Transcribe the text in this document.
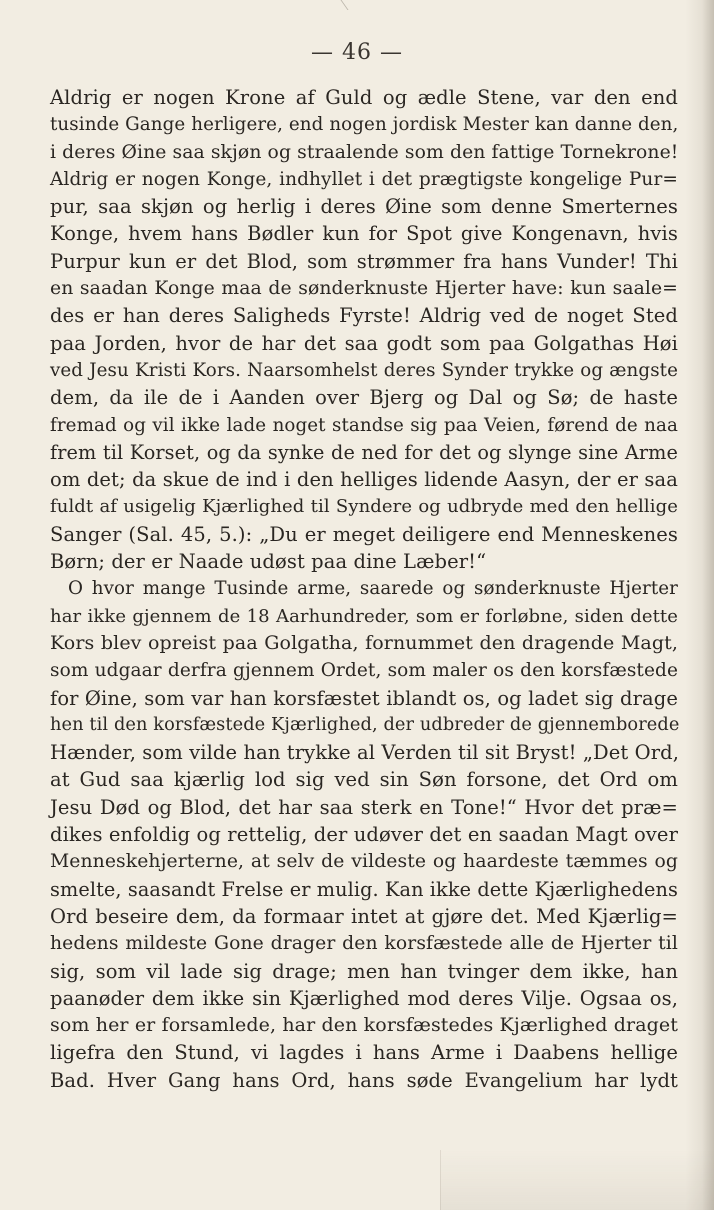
— 46 —
Aldrig er nogen Krone af Guld og ædle Stene, var den end
tusinde Gange herligere, end nogen jordisk Mester kan danne den,
i deres Øine saa skjøn og straalende som den fattige Tornekrone!
Aldrig er nogen Konge, indhyllet i det prægtigste kongelige Pur=
pur, saa skjøn og herlig i deres Øine som denne Smerternes
Konge, hvem hans Bødler kun for Spot give Kongenavn, hvis
Purpur kun er det Blod, som strømmer fra hans Vunder! Thi
en saadan Konge maa de sønderknuste Hjerter have: kun saale=
des er han deres Saligheds Fyrste! Aldrig ved de noget Sted
paa Jorden, hvor de har det saa godt som paa Golgathas Høi
ved Jesu Kristi Kors. Naarsomhelst deres Synder trykke og ængste
dem, da ile de i Aanden over Bjerg og Dal og Sø; de haste
fremad og vil ikke lade noget standse sig paa Veien, førend de naa
frem til Korset, og da synke de ned for det og slynge sine Arme
om det; da skue de ind i den helliges lidende Aasyn, der er saa
fuldt af usigelig Kjærlighed til Syndere og udbryde med den hellige
Sanger (Sal. 45, 5.): „Du er meget deiligere end Menneskenes
Børn; der er Naade udøst paa dine Læber!“
O hvor mange Tusinde arme, saarede og sønderknuste Hjerter
har ikke gjennem de 18 Aarhundreder, som er forløbne, siden dette
Kors blev opreist paa Golgatha, fornummet den dragende Magt,
som udgaar derfra gjennem Ordet, som maler os den korsfæstede
for Øine, som var han korsfæstet iblandt os, og ladet sig drage
hen til den korsfæstede Kjærlighed, der udbreder de gjennemborede
Hænder, som vilde han trykke al Verden til sit Bryst! „Det Ord,
at Gud saa kjærlig lod sig ved sin Søn forsone, det Ord om
Jesu Død og Blod, det har saa sterk en Tone!“ Hvor det præ=
dikes enfoldig og rettelig, der udøver det en saadan Magt over
Menneskehjerterne, at selv de vildeste og haardeste tæmmes og
smelte, saasandt Frelse er mulig. Kan ikke dette Kjærlighedens
Ord beseire dem, da formaar intet at gjøre det. Med Kjærlig=
hedens mildeste Gone drager den korsfæstede alle de Hjerter til
sig, som vil lade sig drage; men han tvinger dem ikke, han
paanøder dem ikke sin Kjærlighed mod deres Vilje. Ogsaa os,
som her er forsamlede, har den korsfæstedes Kjærlighed draget
ligefra den Stund, vi lagdes i hans Arme i Daabens hellige
Bad. Hver Gang hans Ord, hans søde Evangelium har lydt
